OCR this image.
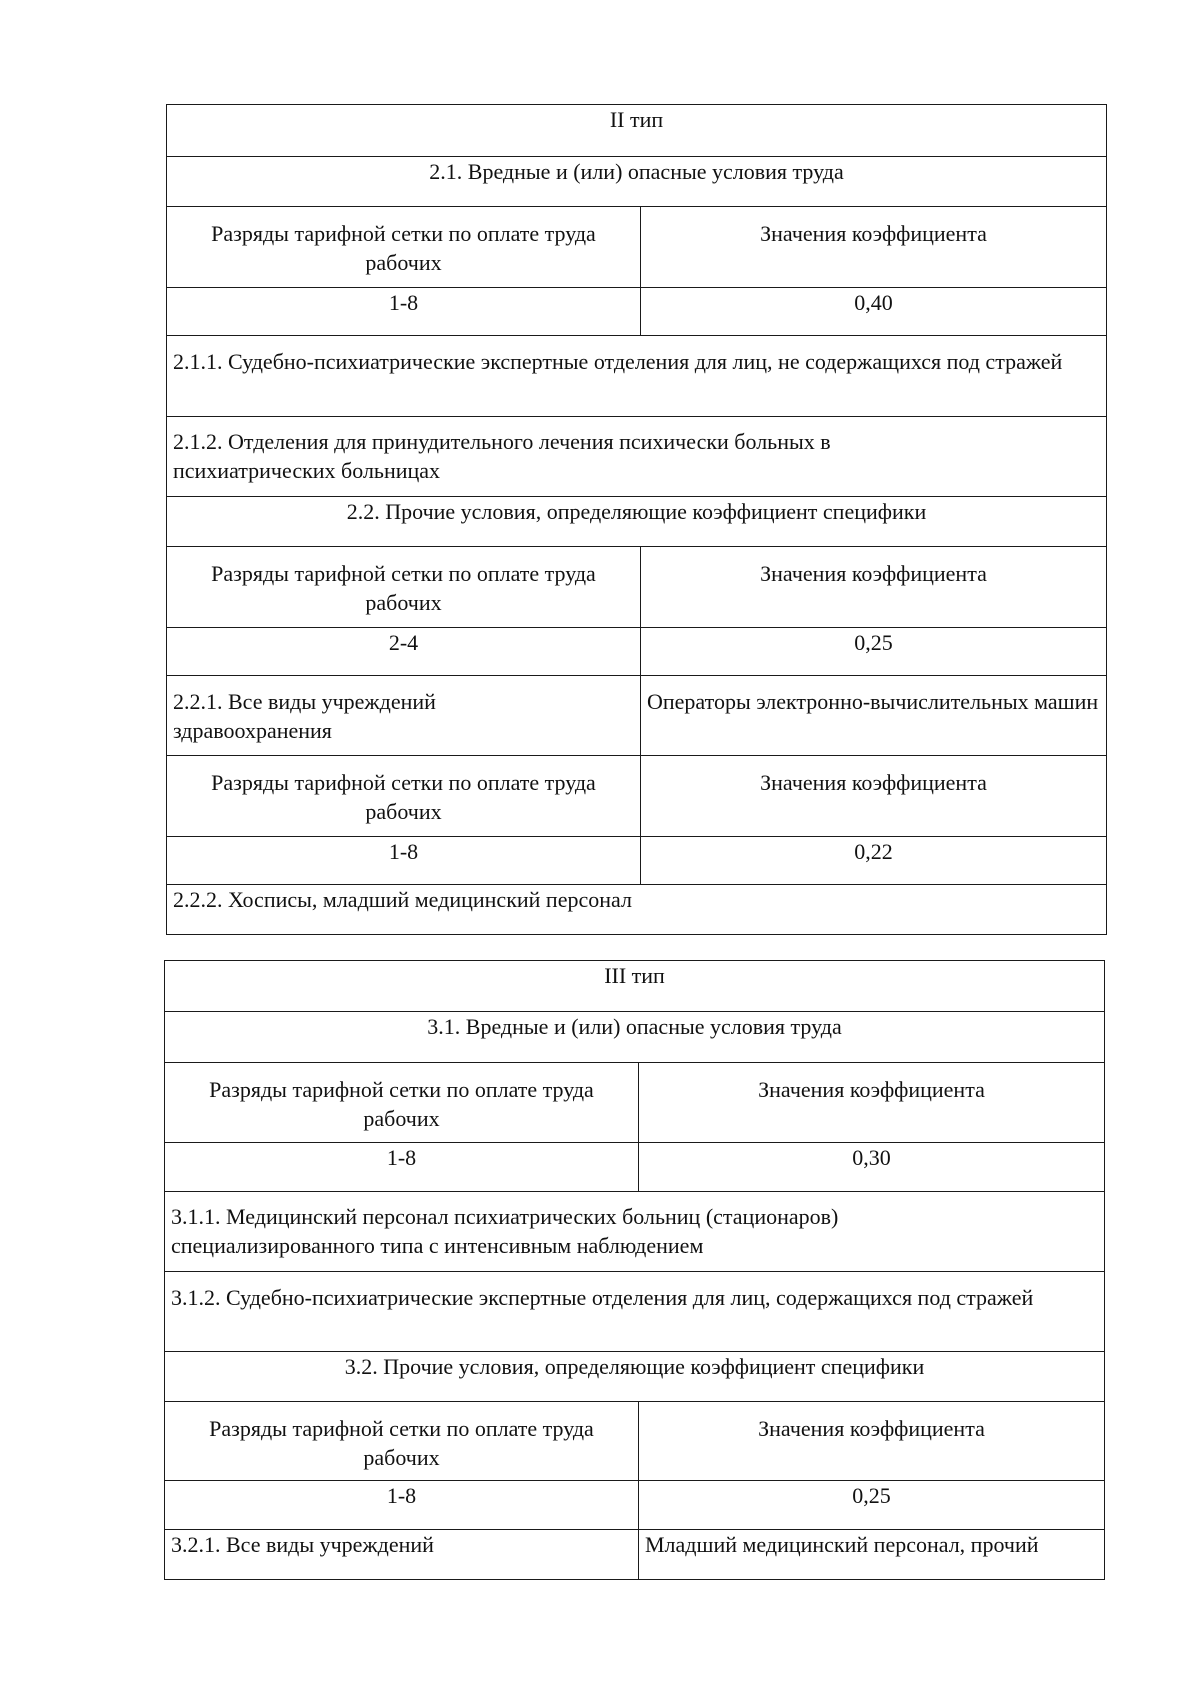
II тип	
2.1. Вредные и (или) опасные условия труда	
Разряды тарифной сетки по оплате труда рабочих	Значения коэффициента
1-8	0,40
2.1.1. Судебно-психиатрические экспертные отделения для лиц, не содержащихся под стражей	
2.1.2. Отделения для принудительного лечения психически больных в психиатрических больницах	
2.2. Прочие условия, определяющие коэффициент специфики	
Разряды тарифной сетки по оплате труда рабочих	Значения коэффициента
2-4	0,25
2.2.1. Все виды учреждений здравоохранения	Операторы электронно-вычислительных машин
Разряды тарифной сетки по оплате труда рабочих	Значения коэффициента
1-8	0,22
2.2.2. Хосписы, младший медицинский персонал	
III тип	
3.1. Вредные и (или) опасные условия труда	
Разряды тарифной сетки по оплате труда рабочих	Значения коэффициента
1-8	0,30
3.1.1. Медицинский персонал психиатрических больниц (стационаров) специализированного типа с интенсивным наблюдением	
3.1.2. Судебно-психиатрические экспертные отделения для лиц, содержащихся под стражей	
3.2. Прочие условия, определяющие коэффициент специфики	
Разряды тарифной сетки по оплате труда рабочих	Значения коэффициента
1-8	0,25
3.2.1. Все виды учреждений	Младший медицинский персонал, прочий
